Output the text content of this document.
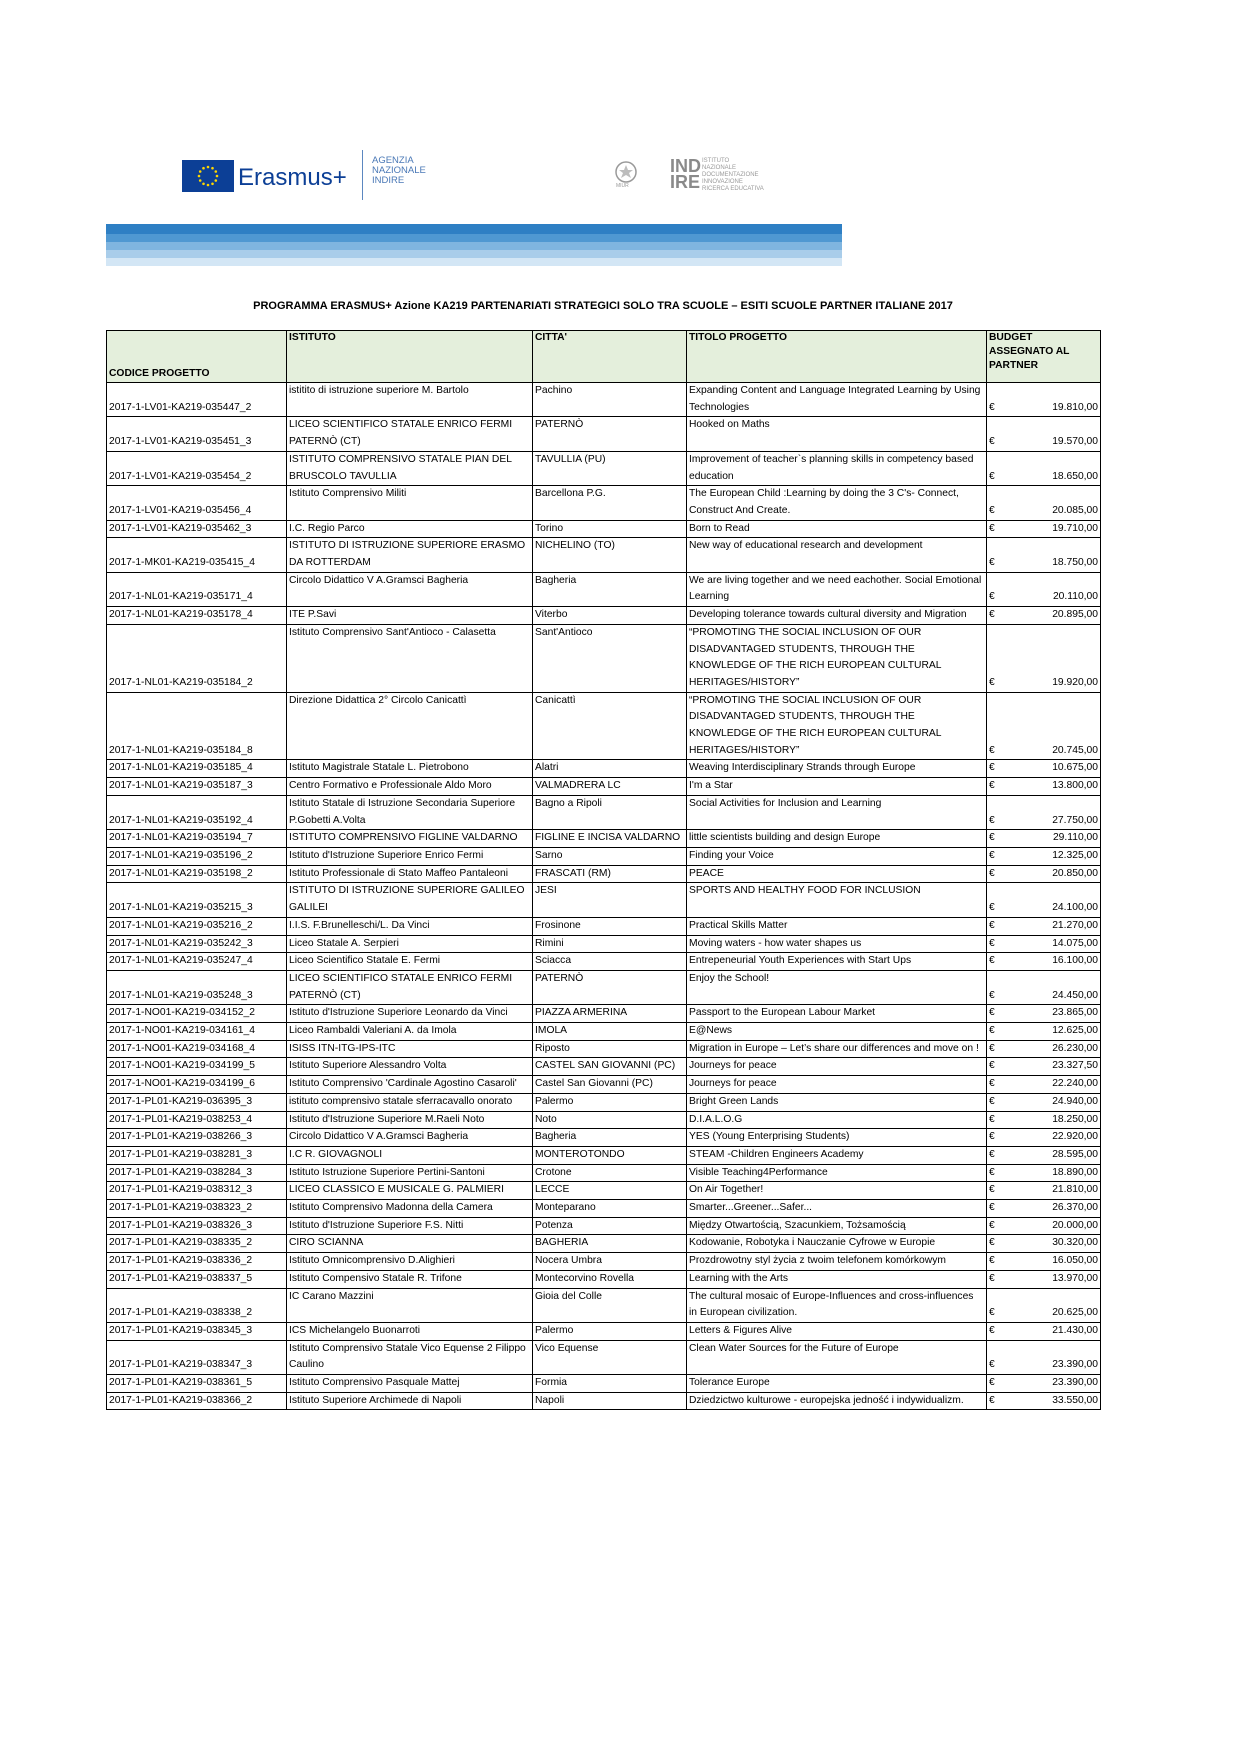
Erasmus+
AGENZIA
NAZIONALE
INDIRE	MIUR
IND
IRE
ISTITUTO
NAZIONALE
DOCUMENTAZIONE
INNOVAZIONE
RICERCA EDUCATIVA
PROGRAMMA ERASMUS+ Azione KA219 PARTENARIATI STRATEGICI SOLO TRA SCUOLE – ESITI SCUOLE PARTNER ITALIANE 2017
CODICE PROGETTO	ISTITUTO	CITTA'	TITOLO PROGETTO	BUDGET ASSEGNATO AL PARTNER
2017-1-LV01-KA219-035447_2	istitito di istruzione superiore M. Bartolo	Pachino	Expanding Content and Language Integrated Learning by Using Technologies	€ 19.810,00

2017-1-LV01-KA219-035451_3	LICEO SCIENTIFICO STATALE ENRICO FERMI PATERNÒ (CT)	PATERNÒ	Hooked on Maths	€ 19.570,00

2017-1-LV01-KA219-035454_2	ISTITUTO COMPRENSIVO STATALE PIAN DEL BRUSCOLO TAVULLIA	TAVULLIA (PU)	Improvement of teacher`s planning skills in competency based education	€ 18.650,00

2017-1-LV01-KA219-035456_4	Istituto Comprensivo Militi	Barcellona P.G.	The European Child :Learning by doing the 3 C's- Connect, Construct And Create.	€ 20.085,00

2017-1-LV01-KA219-035462_3	I.C. Regio Parco	Torino	Born to Read	€ 19.710,00

2017-1-MK01-KA219-035415_4	ISTITUTO DI ISTRUZIONE SUPERIORE ERASMO DA ROTTERDAM	NICHELINO (TO)	New way of educational research and development	€ 18.750,00

2017-1-NL01-KA219-035171_4	Circolo Didattico V A.Gramsci Bagheria	Bagheria	We are living together and we need eachother. Social Emotional Learning	€ 20.110,00

2017-1-NL01-KA219-035178_4	ITE P.Savi	Viterbo	Developing tolerance towards cultural diversity and Migration	€ 20.895,00

2017-1-NL01-KA219-035184_2	Istituto Comprensivo Sant'Antioco - Calasetta	Sant'Antioco	“PROMOTING THE SOCIAL INCLUSION OF OUR DISADVANTAGED STUDENTS, THROUGH THE KNOWLEDGE OF THE RICH EUROPEAN CULTURAL HERITAGES/HISTORY”	€ 19.920,00

2017-1-NL01-KA219-035184_8	Direzione Didattica 2° Circolo Canicattì	Canicattì	“PROMOTING THE SOCIAL INCLUSION OF OUR DISADVANTAGED STUDENTS, THROUGH THE KNOWLEDGE OF THE RICH EUROPEAN CULTURAL HERITAGES/HISTORY”	€ 20.745,00

2017-1-NL01-KA219-035185_4	Istituto Magistrale Statale L. Pietrobono	Alatri	Weaving Interdisciplinary Strands through Europe	€ 10.675,00

2017-1-NL01-KA219-035187_3	Centro Formativo e Professionale Aldo Moro	VALMADRERA LC	I'm a Star	€ 13.800,00

2017-1-NL01-KA219-035192_4	Istituto Statale di Istruzione Secondaria Superiore P.Gobetti A.Volta	Bagno a Ripoli	Social Activities for Inclusion and Learning	€ 27.750,00

2017-1-NL01-KA219-035194_7	ISTITUTO COMPRENSIVO FIGLINE VALDARNO	FIGLINE E INCISA VALDARNO	little scientists building and design Europe	€ 29.110,00

2017-1-NL01-KA219-035196_2	Istituto d'Istruzione Superiore Enrico Fermi	Sarno	Finding your Voice	€ 12.325,00

2017-1-NL01-KA219-035198_2	Istituto Professionale di Stato Maffeo Pantaleoni	FRASCATI (RM)	PEACE	€ 20.850,00

2017-1-NL01-KA219-035215_3	ISTITUTO DI ISTRUZIONE SUPERIORE GALILEO GALILEI	JESI	SPORTS AND HEALTHY FOOD FOR INCLUSION	€ 24.100,00

2017-1-NL01-KA219-035216_2	I.I.S. F.Brunelleschi/L. Da Vinci	Frosinone	Practical Skills Matter	€ 21.270,00

2017-1-NL01-KA219-035242_3	Liceo Statale A. Serpieri	Rimini	Moving waters - how water shapes us	€ 14.075,00

2017-1-NL01-KA219-035247_4	Liceo Scientifico Statale E. Fermi	Sciacca	Entrepeneurial Youth Experiences with Start Ups	€ 16.100,00

2017-1-NL01-KA219-035248_3	LICEO SCIENTIFICO STATALE ENRICO FERMI PATERNÒ (CT)	PATERNÒ	Enjoy the School!	€ 24.450,00

2017-1-NO01-KA219-034152_2	Istituto d'Istruzione Superiore Leonardo da Vinci	PIAZZA ARMERINA	Passport to the European Labour Market	€ 23.865,00

2017-1-NO01-KA219-034161_4	Liceo Rambaldi Valeriani A. da Imola	IMOLA	E@News	€ 12.625,00

2017-1-NO01-KA219-034168_4	ISISS ITN-ITG-IPS-ITC	Riposto	Migration in Europe – Let’s share our differences and move on !	€ 26.230,00

2017-1-NO01-KA219-034199_5	Istituto Superiore Alessandro Volta	CASTEL SAN GIOVANNI (PC)	Journeys for peace	€ 23.327,50

2017-1-NO01-KA219-034199_6	Istituto Comprensivo 'Cardinale Agostino Casaroli'	Castel San Giovanni (PC)	Journeys for peace	€ 22.240,00

2017-1-PL01-KA219-036395_3	istituto comprensivo statale sferracavallo onorato	Palermo	Bright Green Lands	€ 24.940,00

2017-1-PL01-KA219-038253_4	Istituto d'Istruzione Superiore M.Raeli Noto	Noto	D.I.A.L.O.G	€ 18.250,00

2017-1-PL01-KA219-038266_3	Circolo Didattico V A.Gramsci Bagheria	Bagheria	YES (Young Enterprising Students)	€ 22.920,00

2017-1-PL01-KA219-038281_3	I.C R. GIOVAGNOLI	MONTEROTONDO	STEAM -Children Engineers Academy	€ 28.595,00

2017-1-PL01-KA219-038284_3	Istituto Istruzione Superiore Pertini-Santoni	Crotone	Visible Teaching4Performance	€ 18.890,00

2017-1-PL01-KA219-038312_3	LICEO CLASSICO E MUSICALE G. PALMIERI	LECCE	On Air Together!	€ 21.810,00

2017-1-PL01-KA219-038323_2	Istituto Comprensivo Madonna della Camera	Monteparano	Smarter...Greener...Safer...	€ 26.370,00

2017-1-PL01-KA219-038326_3	Istituto d'Istruzione Superiore F.S. Nitti	Potenza	Między Otwartością, Szacunkiem, Tożsamością	€ 20.000,00

2017-1-PL01-KA219-038335_2	CIRO SCIANNA	BAGHERIA	Kodowanie, Robotyka i Nauczanie Cyfrowe w Europie	€ 30.320,00

2017-1-PL01-KA219-038336_2	Istituto Omnicomprensivo D.Alighieri	Nocera Umbra	Prozdrowotny styl życia z twoim telefonem komórkowym	€ 16.050,00

2017-1-PL01-KA219-038337_5	Istituto Compensivo Statale R. Trifone	Montecorvino Rovella	Learning with the Arts	€ 13.970,00

2017-1-PL01-KA219-038338_2	IC Carano Mazzini	Gioia del Colle	The cultural mosaic of Europe-Influences and cross-influences in European civilization.	€ 20.625,00

2017-1-PL01-KA219-038345_3	ICS Michelangelo Buonarroti	Palermo	Letters & Figures Alive	€ 21.430,00

2017-1-PL01-KA219-038347_3	Istituto Comprensivo Statale Vico Equense 2 Filippo Caulino	Vico Equense	Clean Water Sources for the Future of Europe	€ 23.390,00

2017-1-PL01-KA219-038361_5	Istituto Comprensivo Pasquale Mattej	Formia	Tolerance Europe	€ 23.390,00

2017-1-PL01-KA219-038366_2	Istituto Superiore Archimede di Napoli	Napoli	Dziedzictwo kulturowe - europejska jedność i indywidualizm.	€ 33.550,00
